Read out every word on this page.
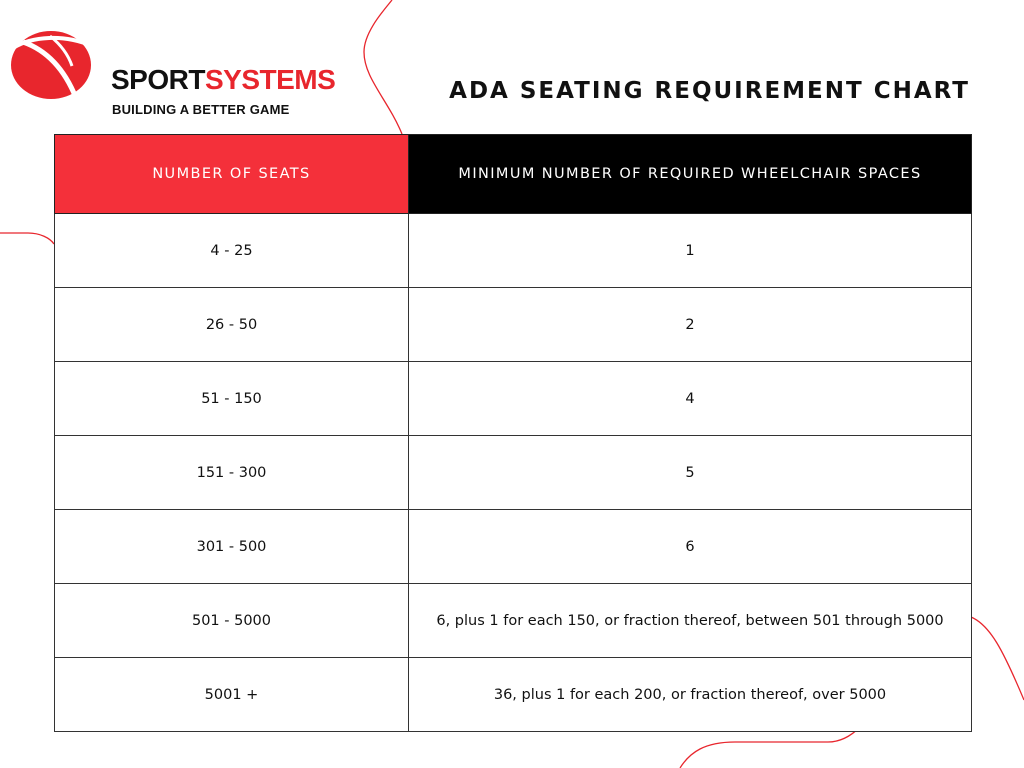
SPORTSYSTEMS
BUILDING A BETTER GAME
ADA SEATING REQUIREMENT CHART
NUMBER OF SEATS	MINIMUM NUMBER OF REQUIRED WHEELCHAIR SPACES
4 - 25	1
26 - 50	2
51 - 150	4
151 - 300	5
301 - 500	6
501 - 5000	6, plus 1 for each 150, or fraction thereof, between 501 through 5000
5001 +	36, plus 1 for each 200, or fraction thereof, over 5000
